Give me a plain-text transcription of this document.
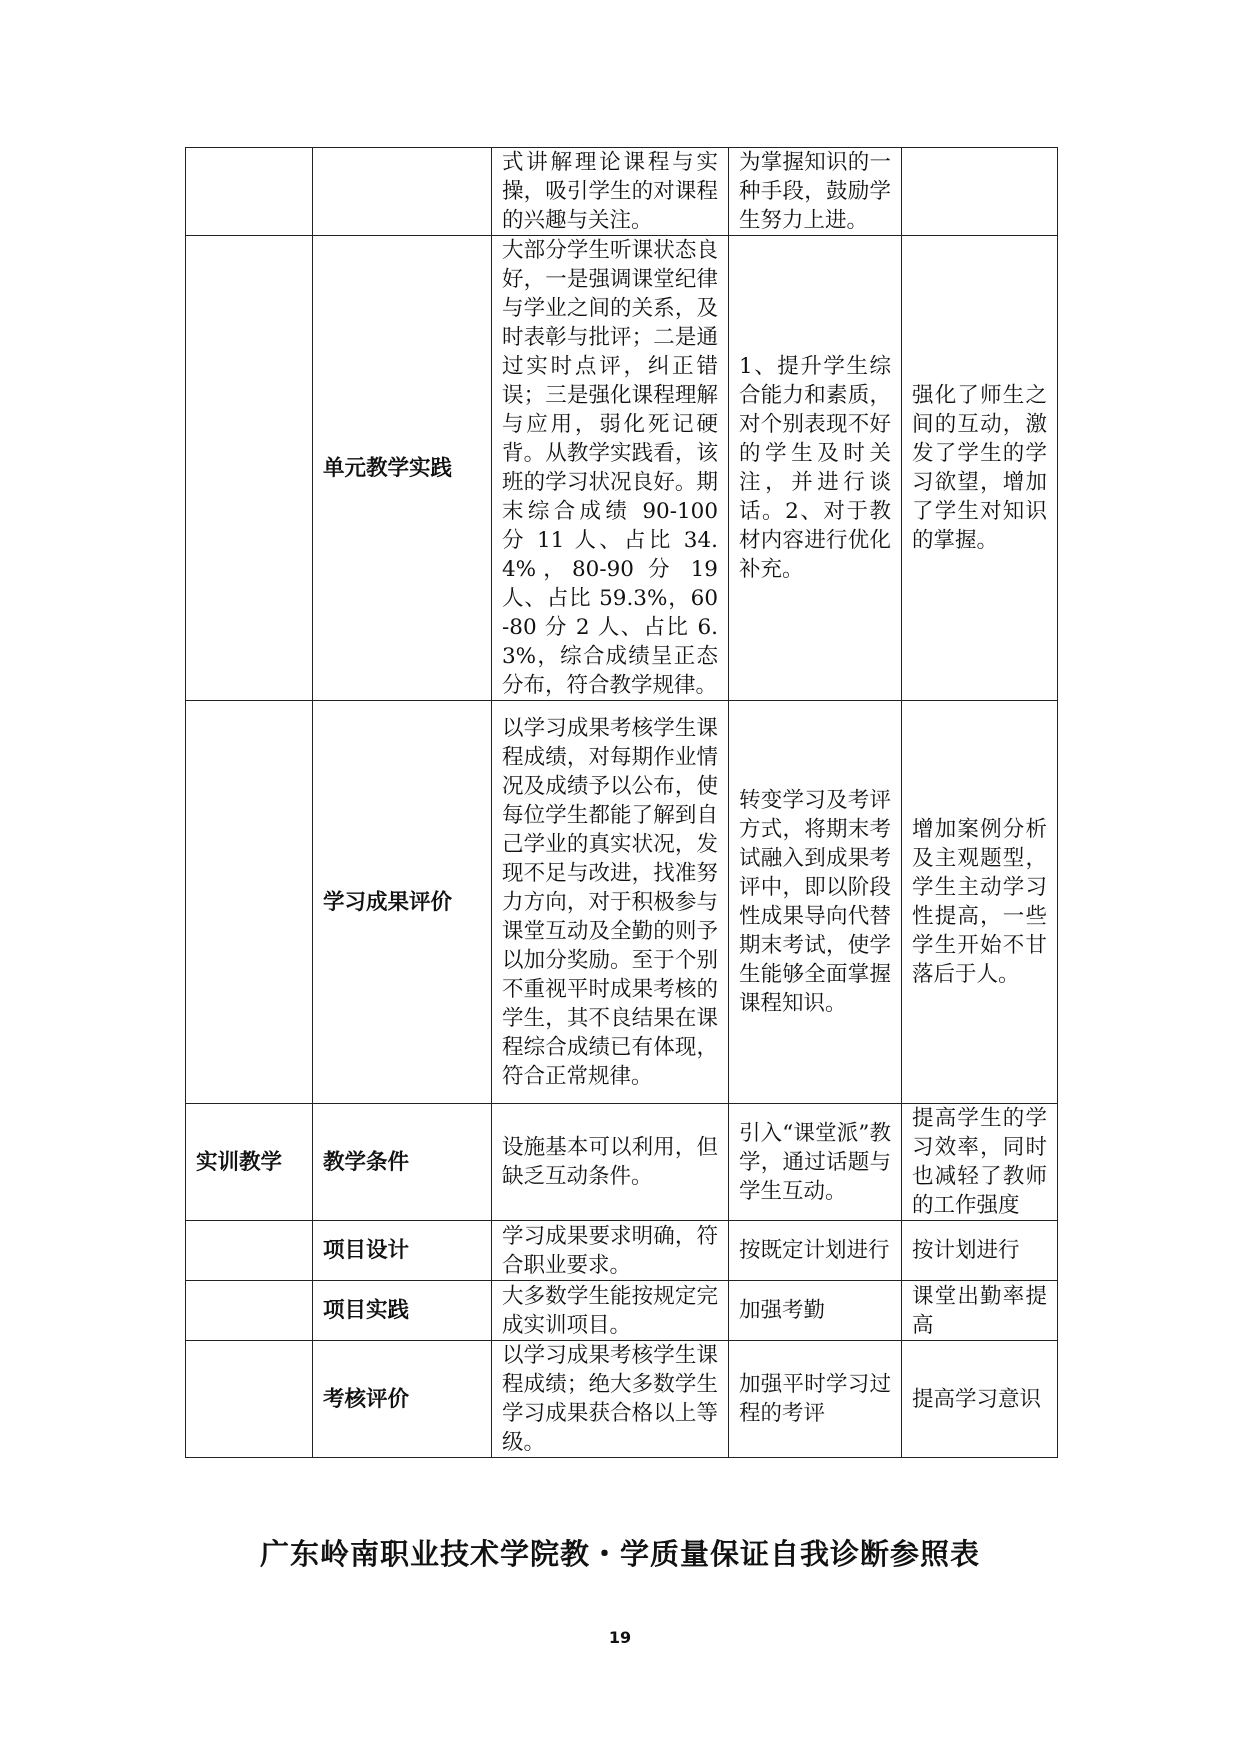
		式讲解理论课程与实操，吸引学生的对课程的兴趣与关注。	为掌握知识的一种手段，鼓励学生努力上进。	
	单元教学实践	大部分学生听课状态良好，一是强调课堂纪律与学业之间的关系，及时表彰与批评；二是通过实时点评，纠正错误；三是强化课程理解与应用，弱化死记硬背。从教学实践看，该班的学习状况良好。期末综合成绩 90-100 分 11 人、占比 34.4%，80-90 分 19 人、占比 59.3%，60-80 分 2 人、占比 6.3%，综合成绩呈正态分布，符合教学规律。	1、提升学生综合能力和素质，对个别表现不好的学生及时关注，并进行谈话。2、对于教材内容进行优化补充。	强化了师生之间的互动，激发了学生的学习欲望，增加了学生对知识的掌握。
	学习成果评价	以学习成果考核学生课程成绩，对每期作业情况及成绩予以公布，使每位学生都能了解到自己学业的真实状况，发现不足与改进，找准努力方向，对于积极参与课堂互动及全勤的则予以加分奖励。至于个别不重视平时成果考核的学生，其不良结果在课程综合成绩已有体现，符合正常规律。	转变学习及考评方式，将期末考试融入到成果考评中，即以阶段性成果导向代替期末考试，使学生能够全面掌握课程知识。	增加案例分析及主观题型，学生主动学习性提高，一些学生开始不甘落后于人。
实训教学	教学条件	设施基本可以利用，但缺乏互动条件。	引入“课堂派”教学，通过话题与学生互动。	提高学生的学习效率，同时也减轻了教师的工作强度
	项目设计	学习成果要求明确，符合职业要求。	按既定计划进行	按计划进行
	项目实践	大多数学生能按规定完成实训项目。	加强考勤	课堂出勤率提高
	考核评价	以学习成果考核学生课程成绩；绝大多数学生学习成果获合格以上等级。	加强平时学习过程的考评	提高学习意识
广东岭南职业技术学院教・学质量保证自我诊断参照表
19
